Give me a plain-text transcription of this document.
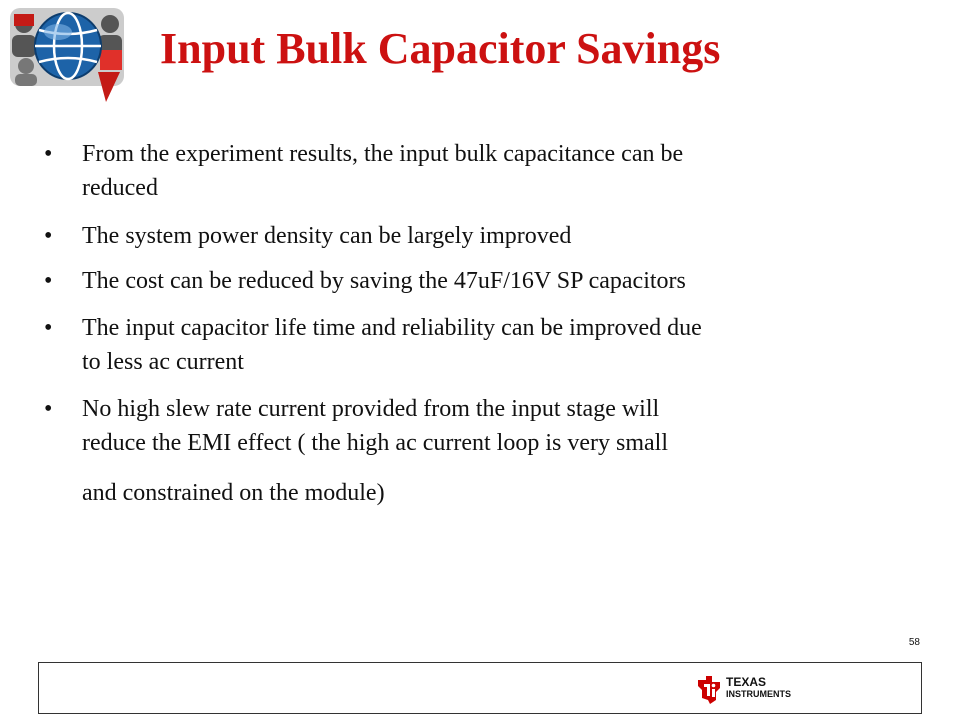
Input Bulk Capacitor Savings
•	From the experiment results, the input bulk capacitance can be
reduced
•	The system power density can be largely improved
•	The cost can be reduced by saving the 47uF/16V SP capacitors
•	The input capacitor life time and reliability can be improved due
to less ac current
•	No high slew rate current provided from the input stage will
reduce the EMI effect ( the high ac current loop is very small
and constrained on the module)
58
TEXAS
INSTRUMENTS
